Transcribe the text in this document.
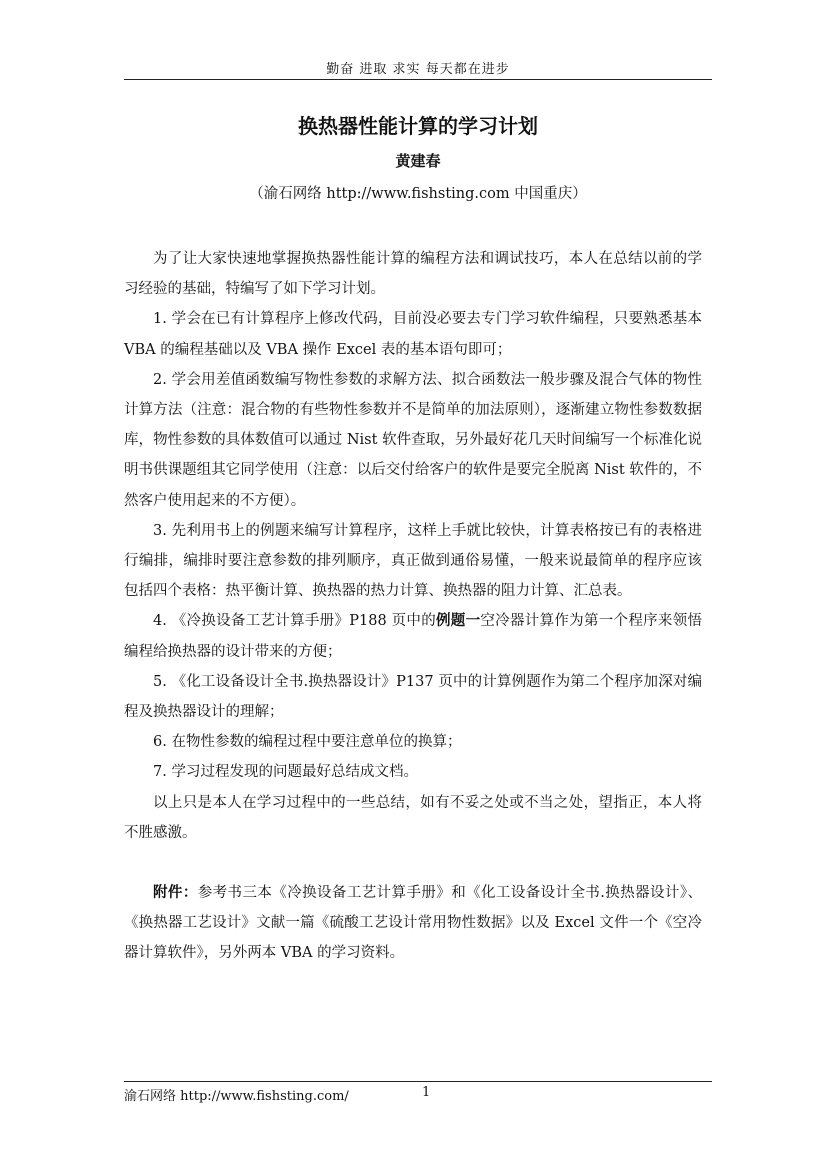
勤奋 进取 求实 每天都在进步
换热器性能计算的学习计划
黄建春
（渝石网络 http://www.fishsting.com 中国重庆）

为了让大家快速地掌握换热器性能计算的编程方法和调试技巧，本人在总结以前的学习经验的基础，特编写了如下学习计划。

1. 学会在已有计算程序上修改代码，目前没必要去专门学习软件编程，只要熟悉基本 VBA 的编程基础以及 VBA 操作 Excel 表的基本语句即可；

2. 学会用差值函数编写物性参数的求解方法、拟合函数法一般步骤及混合气体的物性计算方法（注意：混合物的有些物性参数并不是简单的加法原则），逐渐建立物性参数数据库，物性参数的具体数值可以通过 Nist 软件查取，另外最好花几天时间编写一个标准化说明书供课题组其它同学使用（注意：以后交付给客户的软件是要完全脱离 Nist 软件的，不然客户使用起来的不方便）。

3. 先利用书上的例题来编写计算程序，这样上手就比较快，计算表格按已有的表格进行编排，编排时要注意参数的排列顺序，真正做到通俗易懂，一般来说最简单的程序应该包括四个表格：热平衡计算、换热器的热力计算、换热器的阻力计算、汇总表。

4. 《冷换设备工艺计算手册》P188 页中的例题一空冷器计算作为第一个程序来领悟编程给换热器的设计带来的方便；

5. 《化工设备设计全书.换热器设计》P137 页中的计算例题作为第二个程序加深对编程及换热器设计的理解；

6. 在物性参数的编程过程中要注意单位的换算；

7. 学习过程发现的问题最好总结成文档。

以上只是本人在学习过程中的一些总结，如有不妥之处或不当之处，望指正，本人将不胜感激。

附件：参考书三本《冷换设备工艺计算手册》和《化工设备设计全书.换热器设计》、《换热器工艺设计》文献一篇《硫酸工艺设计常用物性数据》以及 Excel 文件一个《空冷器计算软件》，另外两本 VBA 的学习资料。

渝石网络 http://www.fishsting.com/	1
